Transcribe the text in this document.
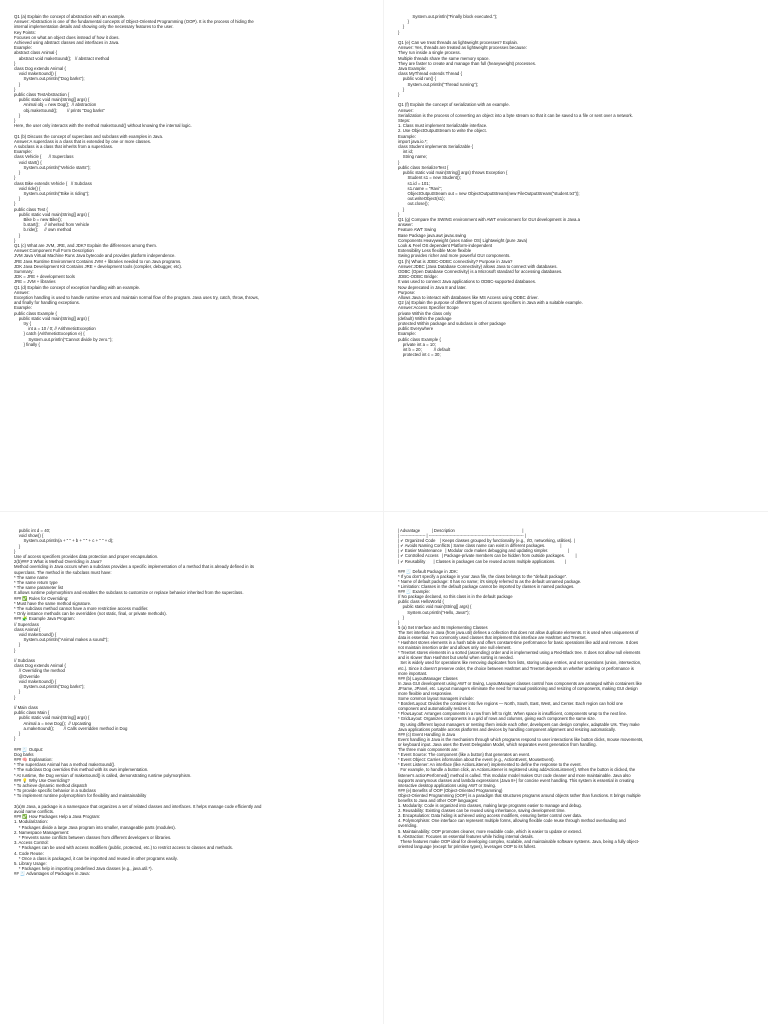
Q1 (a) Explain the concept of abstraction with an example.
Answer: Abstraction is one of the fundamental concepts of Object-Oriented Programming (OOP). It is the process of hiding the
internal implementation details and showing only the necessary features to the user.
Key Points:
Focuses on what an object does instead of how it does.
Achieved using abstract classes and interfaces in Java.
Example:
abstract class Animal {
abstract void makeSound();   // abstract method
}
class Dog extends Animal {
void makeSound() {
System.out.println("Dog barks");
}
}
public class TestAbstraction {
public static void main(String[] args) {
Animal obj = new Dog();  // abstraction
obj.makeSound();        // prints "Dog barks"
}
}
Here, the user only interacts with the method makeSound() without knowing the internal logic.

Q1 (b) Discuss the concept of superclass and subclass with examples in Java.
Answer:A superclass is a class that is extended by one or more classes.
A subclass is a class that inherits from a superclass.
Example:
class Vehicle {      // Superclass
void start() {
System.out.println("Vehicle starts");
}
}
class Bike extends Vehicle {   // Subclass
void ride() {
System.out.println("Bike is riding");
}
}
public class Test {
public static void main(String[] args) {
Bike b = new Bike();
b.start();    // inherited from Vehicle
b.ride();     // own method
}
}
Q1 (c) What are JVM, JRE, and JDK? Explain the differences among them.
Answer:Component Full Form Description
JVM Java Virtual Machine Runs Java bytecode and provides platform independence.
JRE Java Runtime Environment Contains JVM + libraries needed to run Java programs.
JDK Java Development Kit Contains JRE + development tools (compiler, debugger, etc).
Summary:
JDK = JRE + development tools
JRE = JVM + libraries
Q1 (d) Explain the concept of exception handling with an example.
Answer:
Exception handling is used to handle runtime errors and maintain normal flow of the program. Java uses try, catch, throw, throws,
and finally for handling exceptions.
Example:
public class Example {
public static void main(String[] args) {
try {
int a = 10 / 0; // ArithmeticException
} catch (ArithmeticException e) {
System.out.println("Cannot divide by zero.");
} finally {
System.out.println("Finally block executed.");
}
}
}

Q1 (e) Can we treat threads as lightweight processes? Explain.
Answer: Yes, threads are treated as lightweight processes because:
They run inside a single process.
Multiple threads share the same memory space.
They are faster to create and manage than full (heavyweight) processes.
Java Example:
class MyThread extends Thread {
public void run() {
System.out.println("Thread running");
}
}

Q1 (f) Explain the concept of serialization with an example.
Answer:
Serialization is the process of converting an object into a byte stream so that it can be saved to a file or sent over a network.
Steps:
1. Class must implement Serializable interface.
2. Use ObjectOutputStream to write the object.
Example:
import java.io.*;
class Student implements Serializable {
int id;
String name;
}
public class SerializeTest {
public static void main(String[] args) throws Exception {
Student s1 = new Student();
s1.id = 101;
s1.name = "Ravi";
ObjectOutputStream out = new ObjectOutputStream(new FileOutputStream("student.txt"));
out.writeObject(s1);
out.close();
}
}
Q1 (g) Compare the SWING environment with AWT environment for GUI development in Java.a
answer:
Feature AWT Swing
Base Package java.awt javax.swing
Components Heavyweight (uses native OS) Lightweight (pure Java)
Look & Feel OS dependent Platform-independent
Extensibility Less flexible More flexible
Swing provides richer and more powerful GUI components.
Q1 (h) What is JDBC-ODBC connectivity? Purpose in Java?
Answer:JDBC (Java Database Connectivity) allows Java to connect with databases.
ODBC (Open Database Connectivity) is a Microsoft standard for accessing databases.
JDBC-ODBC Bridge:
It was used to connect Java applications to ODBC-supported databases.
Now deprecated in Java 8 and later.
Purpose:
Allows Java to interact with databases like MS Access using ODBC driver.
Q2 (a) Explain the purpose of different types of access specifiers in Java with a suitable example.
Answer:Access Specifier Scope
private Within the class only
(default) Within the package
protected Within package and subclass in other package
public Everywhere
Example:
public class Example {
private int a = 10;
int b = 20;          // default
protected int c = 30;
public int d = 40;
void show() {
System.out.println(a + " " + b + " " + c + " " + d);
}
}
Use of access specifiers provides data protection and proper encapsulation.
2(b)### 3 What is Method Overriding in Java?
Method overriding in Java occurs when a subclass provides a specific implementation of a method that is already defined in its
superclass. The method in the subclass must have:
* The same name
* The same return type
* The same parameter list
It allows runtime polymorphism and enables the subclass to customize or replace behavior inherited from the superclass.
### ✅ Rules for Overriding:
* Must have the same method signature.
* The subclass method cannot have a more restrictive access modifier.
* Only instance methods can be overridden (not static, final, or private methods).
### 🧩 Example Java Program:
// Superclass
class Animal {
void makeSound() {
System.out.println("Animal makes a sound");
}
}

// Subclass
class Dog extends Animal {
// Overriding the method
@Override
void makeSound() {
System.out.println("Dog barks");
}
}

// Main class
public class Main {
public static void main(String[] args) {
Animal a = new Dog();  // Upcasting
a.makeSound();        // Calls overridden method in Dog
}
}

### 🧾 Output:
Dog barks
### 🧠 Explanation:
* The superclass Animal has a method makeSound().
* The subclass Dog overrides this method with its own implementation.
* At runtime, the Dog version of makeSound() is called, demonstrating runtime polymorphism.
### 💡 Why Use Overriding?
* To achieve dynamic method dispatch
* To provide specific behavior in a subclass
* To implement runtime polymorphism for flexibility and maintainability

3(a)In Java, a package is a namespace that organizes a set of related classes and interfaces. It helps manage code efficiently and
avoid name conflicts.
### ✅ How Packages Help a Java Program:
1. Modularization:
* Packages divide a large Java program into smaller, manageable parts (modules).
2. Namespace Management:
* Prevents name conflicts between classes from different developers or libraries.
3. Access Control:
* Packages can be used with access modifiers (public, protected, etc.) to restrict access to classes and methods.
4. Code Reuse:
* Once a class is packaged, it can be imported and reused in other programs easily.
5. Library Usage:
* Packages help in importing predefined Java classes (e.g., java.util.*).
## 🧾 Advantages of Packages in Java:
| Advantage          | Description                                                          |
| ------------------ | -------------------------------------------------------------------- |
| ✔ Organized Code    | Keeps classes grouped by functionality (e.g., I/O, networking, utilities). |
| ✔ Avoids Naming Conflicts | Same class name can exist in different packages.             |
| ✔ Easier Maintenance   | Modular code makes debugging and updating simpler.                 |
| ✔ Controlled Access   | Package-private members can be hidden from outside packages.         |
| ✔ Reusability       | Classes in packages can be reused across multiple applications.        |

### 🧾 Default Package in JDK:
* If you don't specify a package in your Java file, the class belongs to the "default package".
* Name of default package: It has no name; it's simply referred to as the default unnamed package.
* Limitation: Classes in the default package cannot be imported by classes in named packages.
### 🧾 Example:
// No package declared, so this class is in the default package
public class HelloWorld {
public static void main(String[] args) {
System.out.println("Hello, Java!");
}
}
5 (a) Set Interface and Its Implementing Classes
The Set interface in Java (from java.util) defines a collection that does not allow duplicate elements. It is used when uniqueness of
data is essential. Two commonly used classes that implement this interface are HashSet and TreeSet.
* HashSet stores elements in a hash table and offers constant-time performance for basic operations like add and remove. It does
not maintain insertion order and allows only one null element.
* TreeSet stores elements in a sorted (ascending) order and is implemented using a Red-Black tree. It does not allow null elements
and is slower than HashSet but useful when sorting is needed.
Set is widely used for operations like removing duplicates from lists, storing unique entries, and set operations (union, intersection,
etc.). Since it doesn't preserve order, the choice between HashSet and TreeSet depends on whether ordering or performance is
more important.
### (b) LayoutManager Classes
In Java GUI development using AWT or Swing, LayoutManager classes control how components are arranged within containers like
JFrame, JPanel, etc. Layout managers eliminate the need for manual positioning and resizing of components, making GUI design
more flexible and responsive.
Some common layout managers include:
* BorderLayout: Divides the container into five regions — North, South, East, West, and Center. Each region can hold one
component and automatically resizes it.
* FlowLayout: Arranges components in a row from left to right. When space is insufficient, components wrap to the next line.
* GridLayout: Organizes components in a grid of rows and columns, giving each component the same size.
By using different layout managers or nesting them inside each other, developers can design complex, adaptable UIs. They make
Java applications portable across platforms and devices by handling component alignment and resizing automatically.
### (c) Event Handling in Java
Event handling in Java is the mechanism through which programs respond to user interactions like button clicks, mouse movements,
or keyboard input. Java uses the Event Delegation Model, which separates event generation from handling.
The three main components are:
* Event Source: The component (like a button) that generates an event.
* Event Object: Carries information about the event (e.g., ActionEvent, MouseEvent).
* Event Listener: An interface (like ActionListener) implemented to define the response to the event.
For example, to handle a button click, an ActionListener is registered using addActionListener(). When the button is clicked, the
listener's actionPerformed() method is called. This modular model makes GUI code cleaner and more maintainable. Java also
supports anonymous classes and lambda expressions (Java 8+) for concise event handling. This system is essential in creating
interactive desktop applications using AWT or Swing.
### (e) Benefits of OOP (Object-Oriented Programming)
Object-Oriented Programming (OOP) is a paradigm that structures programs around objects rather than functions. It brings multiple
benefits to Java and other OOP languages:
1. Modularity: Code is organized into classes, making large programs easier to manage and debug.
2. Reusability: Existing classes can be reused using inheritance, saving development time.
3. Encapsulation: Data hiding is achieved using access modifiers, ensuring better control over data.
4. Polymorphism: One interface can represent multiple forms, allowing flexible code reuse through method overloading and
overriding.
5. Maintainability: OOP promotes cleaner, more readable code, which is easier to update or extend.
6. Abstraction: Focuses on essential features while hiding internal details.
These features make OOP ideal for developing complex, scalable, and maintainable software systems. Java, being a fully object-
oriented language (except for primitive types), leverages OOP to its fullest.
